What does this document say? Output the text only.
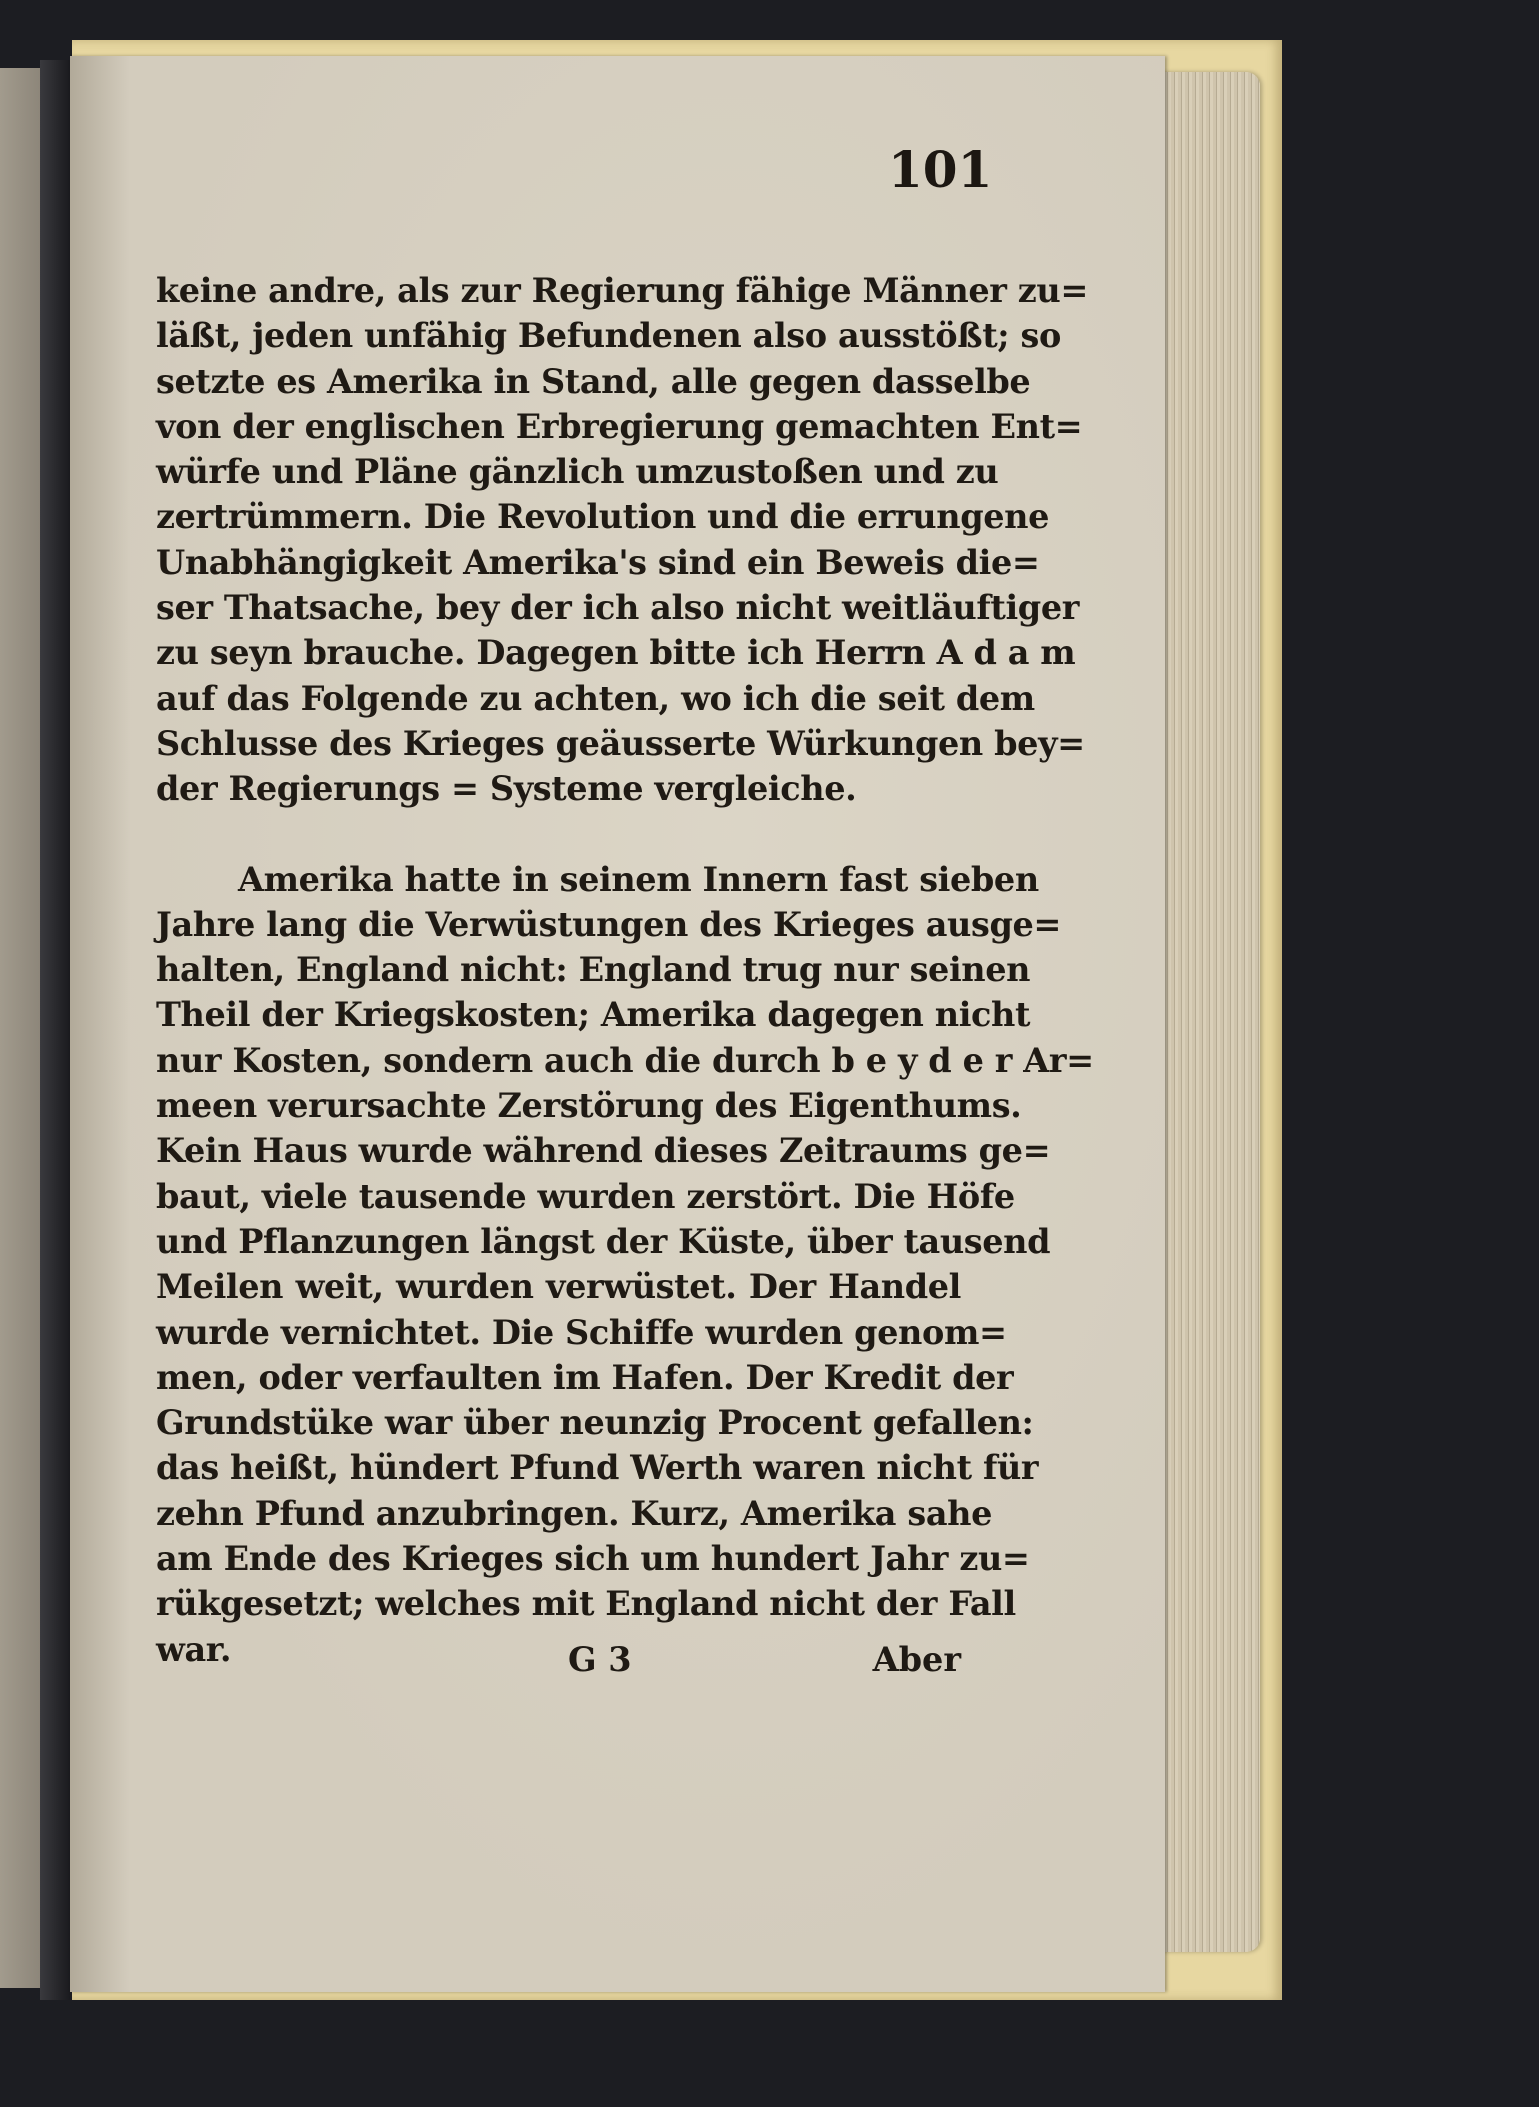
101
keine andre, als zur Regierung fähige Männer zu=
läßt, jeden unfähig Befundenen also ausstößt; so
setzte es Amerika in Stand, alle gegen dasselbe
von der englischen Erbregierung gemachten Ent=
würfe und Pläne gänzlich umzustoßen und zu
zertrümmern. Die Revolution und die errungene
Unabhängigkeit Amerika's sind ein Beweis die=
ser Thatsache, bey der ich also nicht weitläuftiger
zu seyn brauche. Dagegen bitte ich Herrn A d a m
auf das Folgende zu achten, wo ich die seit dem
Schlusse des Krieges geäusserte Würkungen bey=
der Regierungs = Systeme vergleiche.
Amerika hatte in seinem Innern fast sieben
Jahre lang die Verwüstungen des Krieges ausge=
halten, England nicht: England trug nur seinen
Theil der Kriegskosten; Amerika dagegen nicht
nur Kosten, sondern auch die durch b e y d e r Ar=
meen verursachte Zerstörung des Eigenthums.
Kein Haus wurde während dieses Zeitraums ge=
baut, viele tausende wurden zerstört. Die Höfe
und Pflanzungen längst der Küste, über tausend
Meilen weit, wurden verwüstet. Der Handel
wurde vernichtet. Die Schiffe wurden genom=
men, oder verfaulten im Hafen. Der Kredit der
Grundstüke war über neunzig Procent gefallen:
das heißt, hündert Pfund Werth waren nicht für
zehn Pfund anzubringen. Kurz, Amerika sahe
am Ende des Krieges sich um hundert Jahr zu=
rükgesetzt; welches mit England nicht der Fall
war.	G 3	Aber
